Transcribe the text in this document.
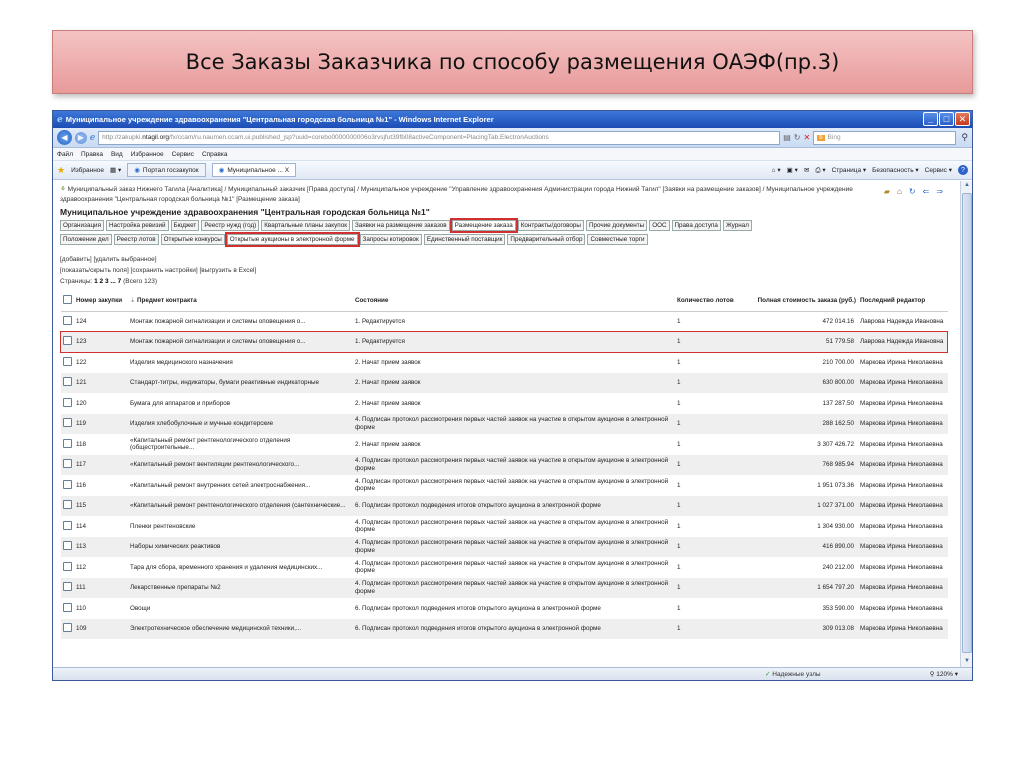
Все Заказы Заказчика по способу размещения ОАЭФ(пр.3)
ℯ Муниципальное учреждение здравоохранения "Центральная городская больница №1" - Windows Internet Explorer	_	□	✕
◀	▶ ℯ http://zakupki. ntagil.org /fx/ccam/ru.naumen.ccam.ui.published_jsp?uuid=corebo0000000006o3rvsjfut39fb08activeComponent=PlacingTab.ElectronAuctions	▤ ↻ ✕	b Bing	⚲
Файл Правка Вид Избранное Сервис Справка
★ Избранное ▦ ▾ ◉ Портал госзакупок	◉ Муниципальное ... X	⌂ ▾ ▣ ▾ ✉ ⎙ ▾ Страница ▾ Безопасность ▾ Сервис ▾	?
▰ ⌂ ↻ ⇐ ⇒
⚘ Муниципальный заказ Нижнего Тагила [Аналитика] / Муниципальный заказчик [Права доступа] / Муниципальное учреждение "Управление здравоохранения Администрации города Нижний Тагил" [Заявки на размещение заказов] / Муниципальное учреждение здравоохранения "Центральная городская больница №1" [Размещение заказа]
Муниципальное учреждение здравоохранения "Центральная городская больница №1"
Организация	Настройка ревизий	Бюджет	Реестр нужд (год)	Квартальные планы закупок	Заявки на размещение заказов	Размещение заказа	Контракты/договоры	Прочие документы	ООС	Права доступа	Журнал
Положение дел	Реестр лотов	Открытые конкурсы	Открытые аукционы в электронной форме	Запросы котировок	Единственный поставщик	Предварительный отбор	Совместные торги
[добавить] [удалить выбранное]
[показать/скрыть поля] [сохранить настройки] [выгрузить в Excel]
Страницы: 1 2 3 ... 7 (Всего 123)
	Номер закупки	⇣ Предмет контракта	Состояние	Количество лотов	Полная стоимость заказа (руб.)	Последний редактор
	124	Монтаж пожарной сигнализации и системы оповещения о...	1. Редактируется	1	472 014.16	Лаврова Надежда Ивановна
	123	Монтаж пожарной сигнализации и системы оповещения о...	1. Редактируется	1	51 779.58	Лаврова Надежда Ивановна
	122	Изделия медицинского назначения	2. Начат прием заявок	1	210 700.00	Маркова Ирина Николаевна
	121	Стандарт-титры, индикаторы, бумаги реактивные индикаторные	2. Начат прием заявок	1	630 800.00	Маркова Ирина Николаевна
	120	Бумага для аппаратов и приборов	2. Начат прием заявок	1	137 287.50	Маркова Ирина Николаевна
	119	Изделия хлебобулочные и мучные кондитерские	4. Подписан протокол рассмотрения первых частей заявок на участие в открытом аукционе в электронной форме	1	288 162.50	Маркова Ирина Николаевна
	118	«Капитальный ремонт рентгенологического отделения (общестроительные...	2. Начат прием заявок	1	3 307 426.72	Маркова Ирина Николаевна
	117	«Капитальный ремонт вентиляции рентгенологического...	4. Подписан протокол рассмотрения первых частей заявок на участие в открытом аукционе в электронной форме	1	768 985.94	Маркова Ирина Николаевна
	116	«Капитальный ремонт внутренних сетей электроснабжения...	4. Подписан протокол рассмотрения первых частей заявок на участие в открытом аукционе в электронной форме	1	1 951 073.36	Маркова Ирина Николаевна
	115	«Капитальный ремонт рентгенологического отделения (сантехнические...	6. Подписан протокол подведения итогов открытого аукциона в электронной форме	1	1 027 371.00	Маркова Ирина Николаевна
	114	Пленки рентгеновские	4. Подписан протокол рассмотрения первых частей заявок на участие в открытом аукционе в электронной форме	1	1 304 930.00	Маркова Ирина Николаевна
	113	Наборы химических реактивов	4. Подписан протокол рассмотрения первых частей заявок на участие в открытом аукционе в электронной форме	1	416 890.00	Маркова Ирина Николаевна
	112	Тара для сбора, временного хранения и удаления медицинских...	4. Подписан протокол рассмотрения первых частей заявок на участие в открытом аукционе в электронной форме	1	240 212.00	Маркова Ирина Николаевна
	111	Лекарственные препараты №2	4. Подписан протокол рассмотрения первых частей заявок на участие в открытом аукционе в электронной форме	1	1 654 797.20	Маркова Ирина Николаевна
	110	Овощи	6. Подписан протокол подведения итогов открытого аукциона в электронной форме	1	353 590.00	Маркова Ирина Николаевна
	109	Электротехническое обеспечение медицинской техники,...	6. Подписан протокол подведения итогов открытого аукциона в электронной форме	1	309 013.08	Маркова Ирина Николаевна
▲
▼
✓ Надежные узлы	⚲ 120% ▾
